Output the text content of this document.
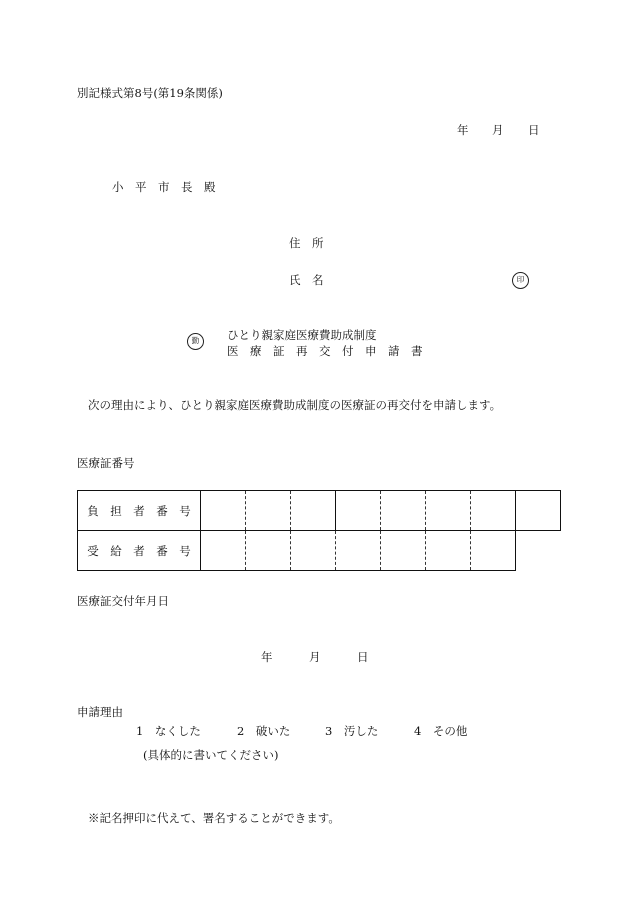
別記様式第8号(第19条関係)
年 月 日
小　平　市　長　殿
住　所
氏　名	印
勤	ひとり親家庭医療費助成制度
医　療　証　再　交　付　申　請　書
次の理由により、ひとり親家庭医療費助成制度の医療証の再交付を申請します。
医療証番号
負　担　者　番　号								
受　給　者　番　号								
医療証交付年月日
年	月	日
申請理由
1　なくした	2　破いた	3　汚した	4　その他
(具体的に書いてください)
※記名押印に代えて、署名することができます。
